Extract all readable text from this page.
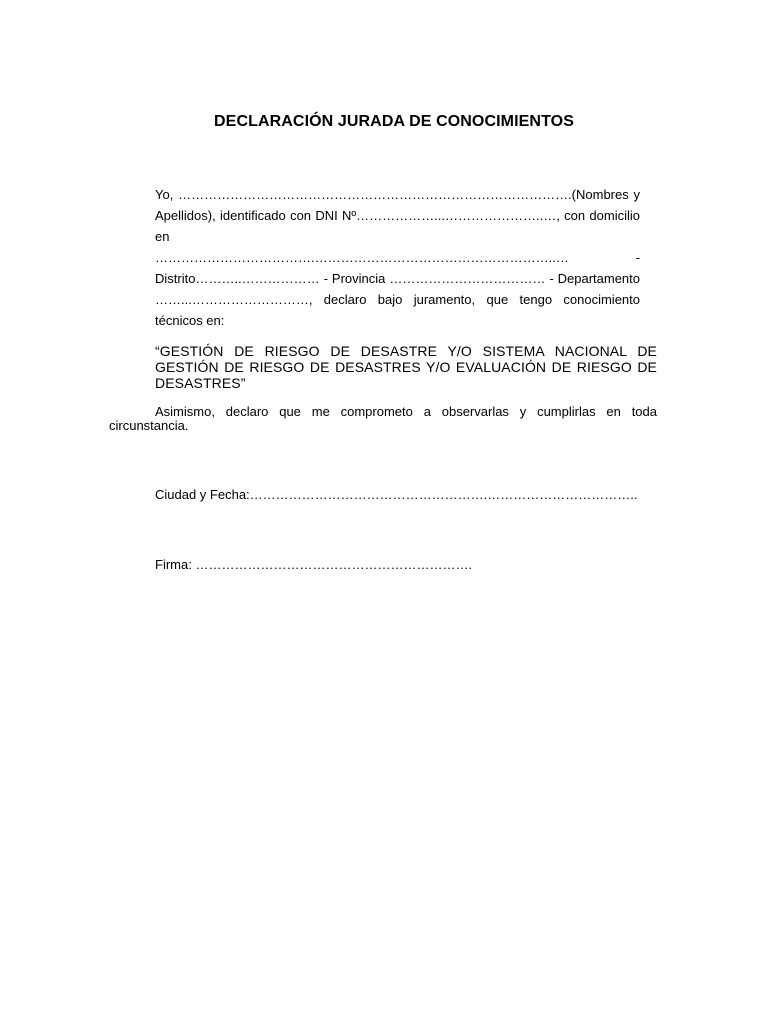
DECLARACIÓN JURADA DE CONOCIMIENTOS

Yo, ……………………………………………………………………………….(Nombres y

Apellidos), identificado con DNI Nº………………...…………………..…, con domicilio en

……………………………….………………………………………………..… -

Distrito………..……………… - Provincia ……………………………… - Departamento

……...………………………, declaro bajo juramento, que tengo conocimiento

técnicos en:

“GESTIÓN DE RIESGO DE DESASTRE Y/O SISTEMA NACIONAL DE GESTIÓN DE RIESGO DE DESASTRES Y/O EVALUACIÓN DE RIESGO DE DESASTRES”
Asimismo, declaro que me comprometo a observarlas y cumplirlas en toda circunstancia.
Ciudad y Fecha:……………………………………………….……………………………..
Firma: ……………………………………………………….
